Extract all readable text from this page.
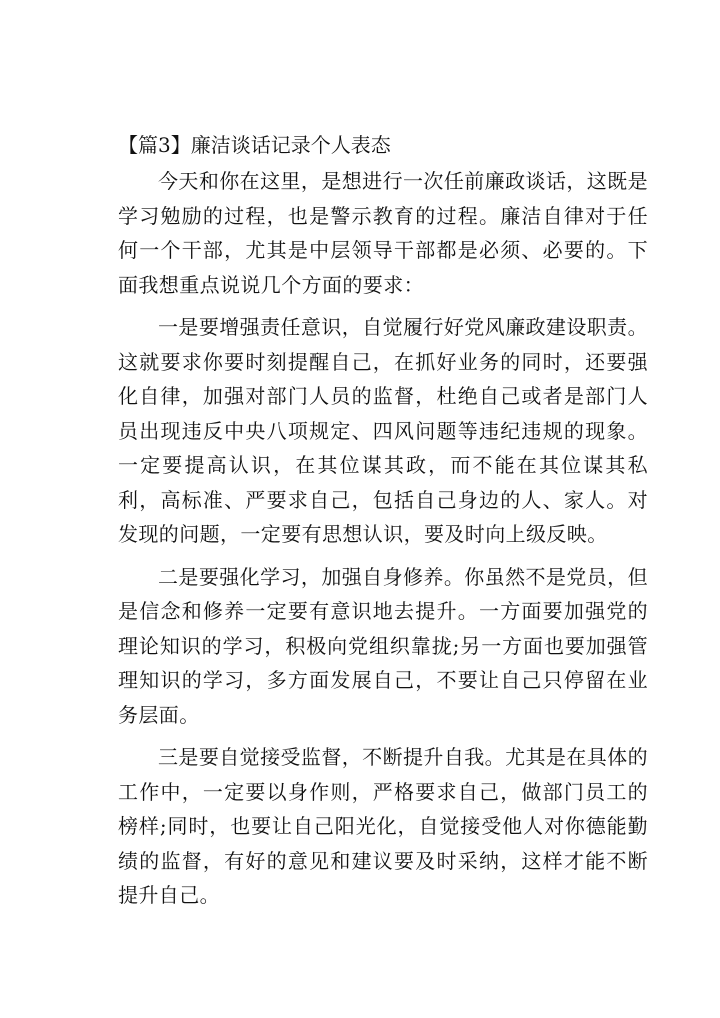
【篇3】廉洁谈话记录个人表态

今天和你在这里，是想进行一次任前廉政谈话，这既是学习勉励的过程，也是警示教育的过程。廉洁自律对于任何一个干部，尤其是中层领导干部都是必须、必要的。下面我想重点说说几个方面的要求：

一是要增强责任意识，自觉履行好党风廉政建设职责。这就要求你要时刻提醒自己，在抓好业务的同时，还要强化自律，加强对部门人员的监督，杜绝自己或者是部门人员出现违反中央八项规定、四风问题等违纪违规的现象。一定要提高认识，在其位谋其政，而不能在其位谋其私利，高标准、严要求自己，包括自己身边的人、家人。对发现的问题，一定要有思想认识，要及时向上级反映。

二是要强化学习，加强自身修养。你虽然不是党员，但是信念和修养一定要有意识地去提升。一方面要加强党的理论知识的学习，积极向党组织靠拢;另一方面也要加强管理知识的学习，多方面发展自己，不要让自己只停留在业务层面。

三是要自觉接受监督，不断提升自我。尤其是在具体的工作中，一定要以身作则，严格要求自己，做部门员工的榜样;同时，也要让自己阳光化，自觉接受他人对你德能勤绩的监督，有好的意见和建议要及时采纳，这样才能不断提升自己。
